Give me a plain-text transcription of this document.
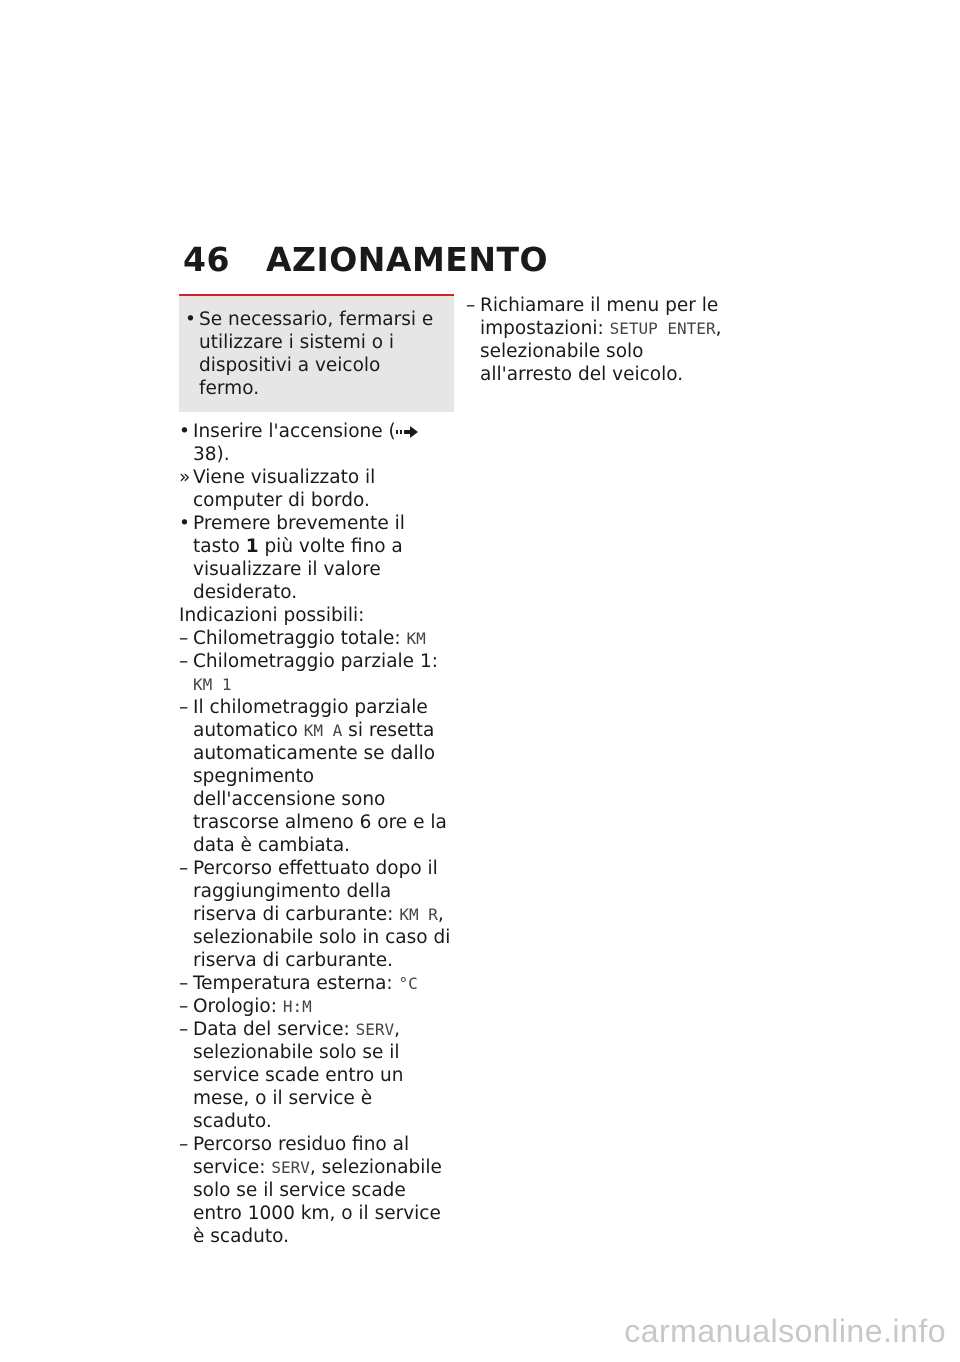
46 AZIONAMENTO
• Se necessario, fermarsi e utilizzare i sistemi o i dispositivi a veicolo fermo.
• Inserire l'accensione ( 38).
» Viene visualizzato il computer di bordo.
• Premere brevemente il tasto 1 più volte fino a visualizzare il valore desiderato.
Indicazioni possibili:
– Chilometraggio totale: KM
– Chilometraggio parziale 1: KM 1
– Il chilometraggio parziale automatico KM A si resetta automaticamente se dallo spegnimento dell'accensione sono trascorse almeno 6 ore e la data è cambiata.
– Percorso effettuato dopo il raggiungimento della riserva di carburante: KM R, selezionabile solo in caso di riserva di carburante.
– Temperatura esterna: °C
– Orologio: H:M
– Data del service: SERV, selezionabile solo se il service scade entro un mese, o il service è scaduto.
– Percorso residuo fino al service: SERV, selezionabile solo se il service scade entro 1000 km, o il service è scaduto.
– Richiamare il menu per le impostazioni: SETUP ENTER, selezionabile solo all'arresto del veicolo.
carmanualsonline.info
